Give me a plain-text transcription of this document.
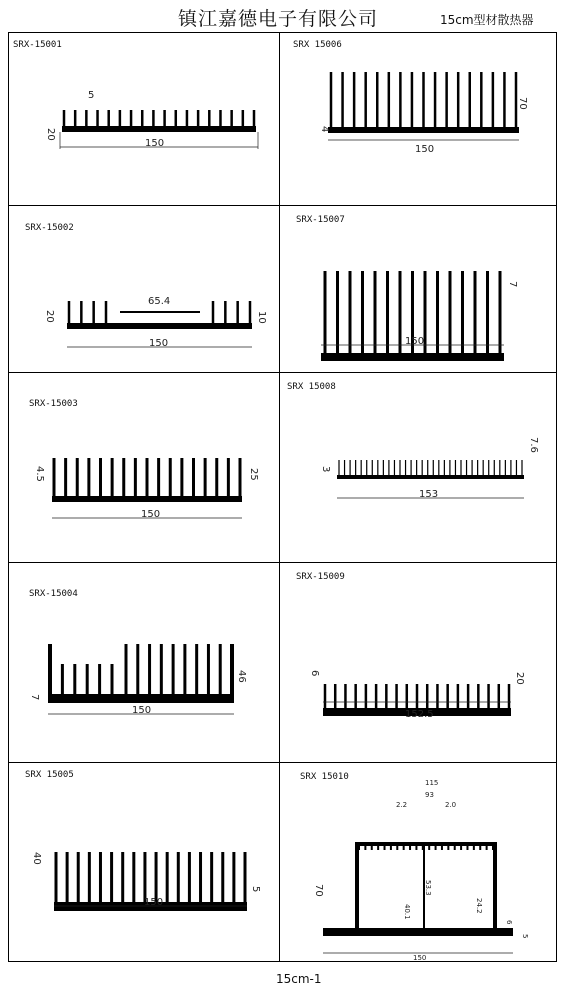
镇江嘉德电子有限公司	15cm型材散热器
SRX-15001
150
20
5
SRX-15002
150
65.4
20	10
SRX-15003
150
4.5	25
SRX-15004
150
46
7
SRX 15005
150
40
5
SRX 15006
150
70
4
SRX-15007
150
7
SRX 15008
153
7.6
3
SRX-15009
152.5
20
6
SRX 15010
115
93
2.2	2.0
70	53.3
40.1	24.2
6
5
150
15cm-1
